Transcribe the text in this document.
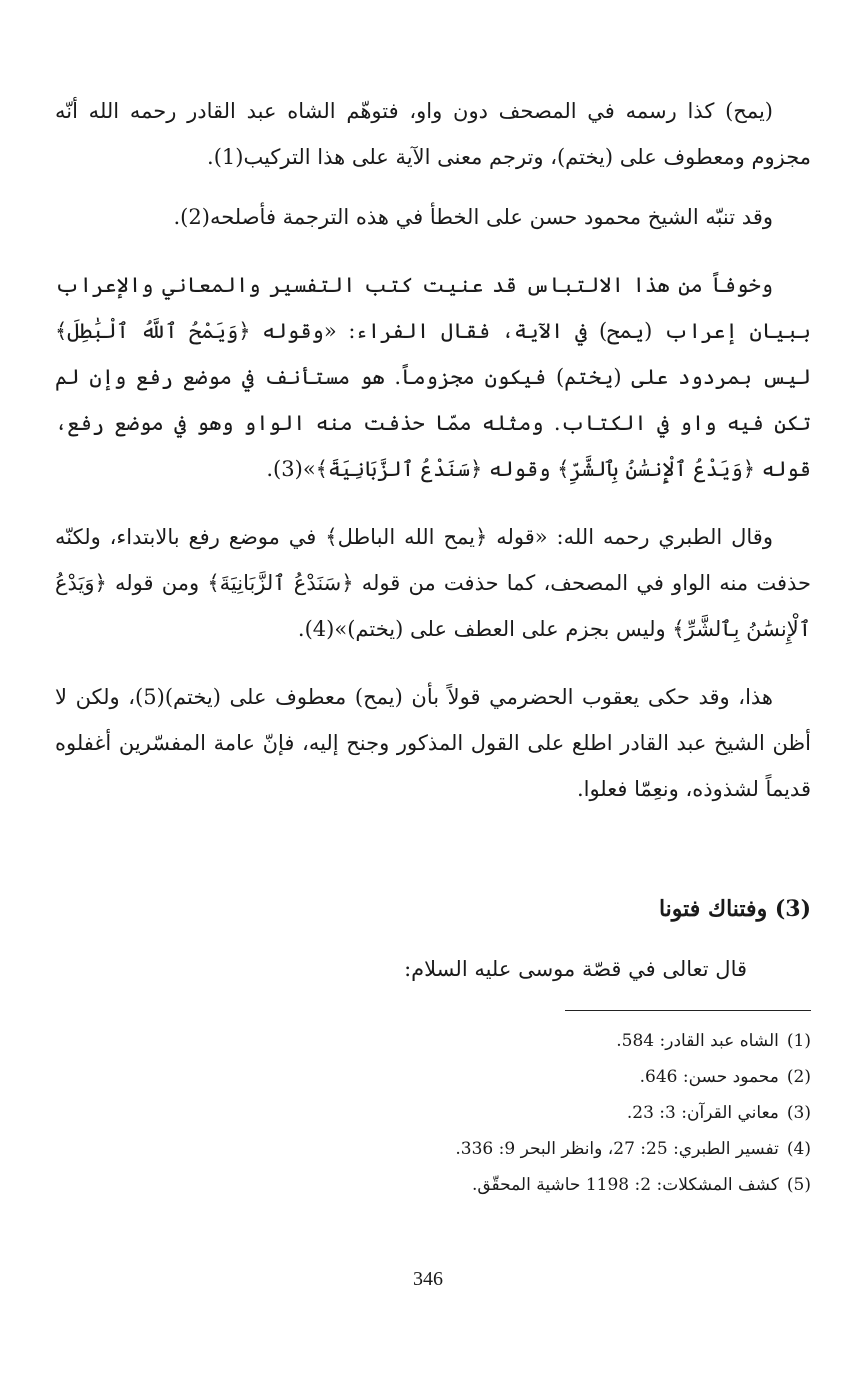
(يمح) كذا رسمه في المصحف دون واو، فتوهّم الشاه عبد القادر رحمه الله أنّه مجزوم ومعطوف على (يختم)، وترجم معنى الآية على هذا التركيب(1).

وقد تنبّه الشيخ محمود حسن على الخطأ في هذه الترجمة فأصلحه(2).

وخوفاً من هذا الالتباس قد عنيت كتب التفسير والمعاني والإعراب ببيان إعراب (يمح) في الآية، فقال الفراء: «وقوله ﴿وَيَمْحُ ٱللَّهُ ٱلْبَٰطِلَ﴾ ليس بمردود على (يختم) فيكون مجزوماً. هو مستأنف في موضع رفع وإن لم تكن فيه واو في الكتاب. ومثله ممّا حذفت منه الواو وهو في موضع رفع، قوله ﴿وَيَدْعُ ٱلْإِنسَٰنُ بِٱلشَّرِّ﴾ وقوله ﴿سَنَدْعُ ٱلزَّبَانِيَةَ﴾»(3).

وقال الطبري رحمه الله: «قوله ﴿يمح الله الباطل﴾ في موضع رفع بالابتداء، ولكنّه حذفت منه الواو في المصحف، كما حذفت من قوله ﴿سَنَدْعُ ٱلزَّبَانِيَةَ﴾ ومن قوله ﴿وَيَدْعُ ٱلْإِنسَٰنُ بِٱلشَّرِّ﴾ وليس بجزم على العطف على (يختم)»(4).

هذا، وقد حكى يعقوب الحضرمي قولاً بأن (يمح) معطوف على (يختم)(5)، ولكن لا أظن الشيخ عبد القادر اطلع على القول المذكور وجنح إليه، فإنّ عامة المفسّرين أغفلوه قديماً لشذوذه، ونعِمّا فعلوا.

(3) وفتناك فتونا

قال تعالى في قصّة موسى عليه السلام:

(1)
الشاه عبد القادر: 584.
(2)
محمود حسن: 646.
(3)
معاني القرآن: 3: 23.
(4)
تفسير الطبري: 25: 27، وانظر البحر 9: 336.
(5)
كشف المشكلات: 2: 1198 حاشية المحقّق.
346
